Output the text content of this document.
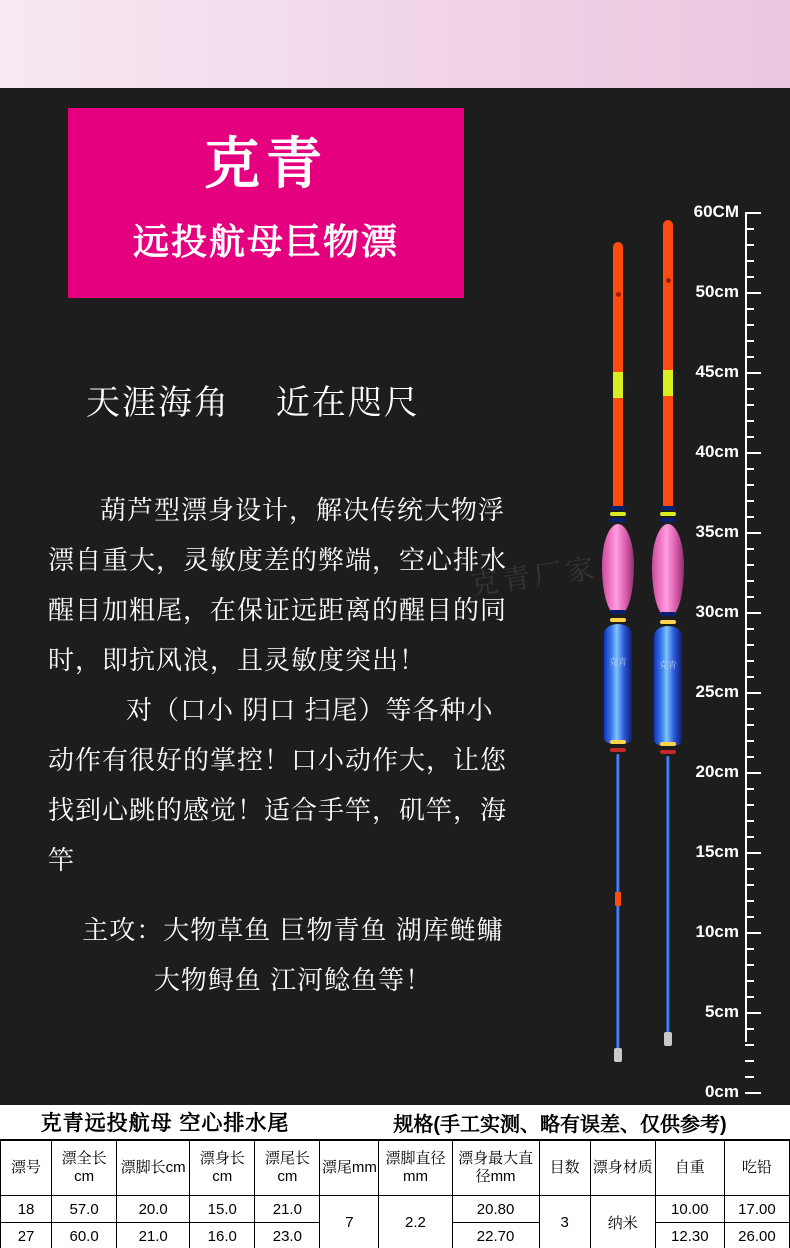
克青
远投航母巨物漂
天涯海角    近在咫尺
葫芦型漂身设计，解决传统大物浮漂自重大，灵敏度差的弊端，空心排水醒目加粗尾，在保证远距离的醒目的同时，即抗风浪，且灵敏度突出！
对（口小 阴口 扫尾）等各种小动作有很好的掌控！口小动作大，让您找到心跳的感觉！适合手竿，矶竿，海竿
主攻：大物草鱼 巨物青鱼 湖库鲢鳙
大物鲟鱼 江河鲶鱼等！
克青	克青
60CM
50cm
45cm
40cm
35cm
30cm
25cm
20cm
15cm
10cm
5cm
0cm
克青远投航母 空心排水尾	规格(手工实测、略有误差、仅供参考)
漂号	漂全长cm	漂脚长cm	漂身长cm	漂尾长cm	漂尾mm	漂脚直径mm	漂身最大直径mm	目数	漂身材质	自重	吃铅
18	57.0	20.0	15.0	21.0	7	2.2	20.80	3	纳米	10.00	17.00
27	60.0	21.0	16.0	23.0			22.70			12.30	26.00
